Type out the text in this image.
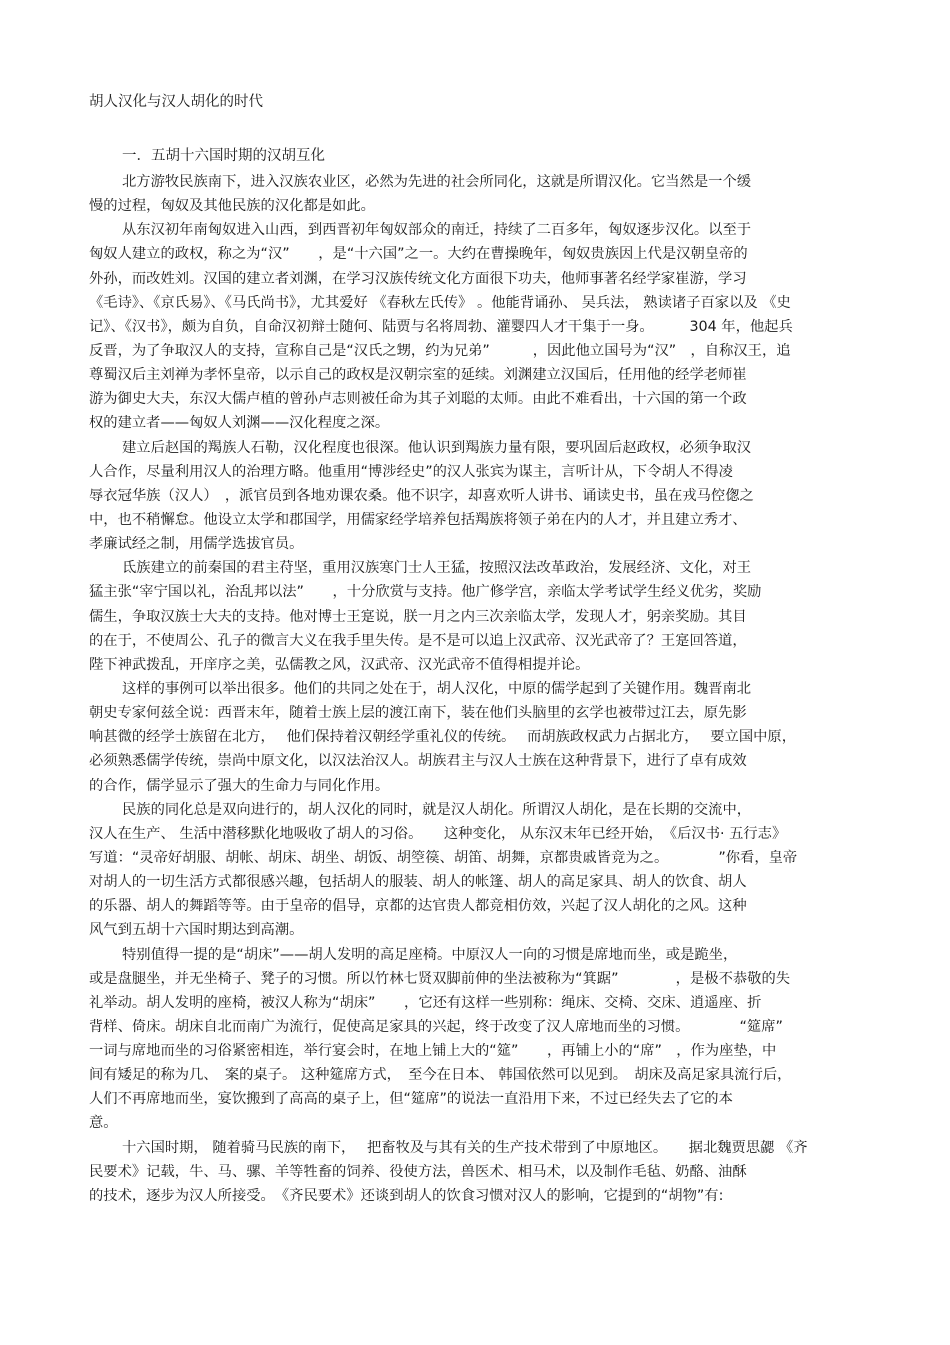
胡人汉化与汉人胡化的时代
一．五胡十六国时期的汉胡互化
北方游牧民族南下，进入汉族农业区，必然为先进的社会所同化，这就是所谓汉化。它当然是一个缓
慢的过程，匈奴及其他民族的汉化都是如此。
从东汉初年南匈奴进入山西，到西晋初年匈奴部众的南迁，持续了二百多年，匈奴逐步汉化。以至于
匈奴人建立的政权，称之为“汉”　　，是“十六国”之一。大约在曹操晚年，匈奴贵族因上代是汉朝皇帝的
外孙，而改姓刘。汉国的建立者刘渊，在学习汉族传统文化方面很下功夫，他师事著名经学家崔游，学习
《毛诗》、《京氏易》、《马氏尚书》，尤其爱好 《春秋左氏传》 。他能背诵孙、 吴兵法， 熟读诸子百家以及 《史
记》、《汉书》，颇为自负，自命汉初辩士随何、陆贾与名将周勃、灌婴四人才干集于一身。　　　304 年，他起兵
反晋，为了争取汉人的支持，宣称自己是“汉氏之甥，约为兄弟”　　　，因此他立国号为“汉”　，自称汉王，追
尊蜀汉后主刘禅为孝怀皇帝，以示自己的政权是汉朝宗室的延续。刘渊建立汉国后，任用他的经学老师崔
游为御史大夫，东汉大儒卢植的曾孙卢志则被任命为其子刘聪的太师。由此不难看出，十六国的第一个政
权的建立者——匈奴人刘渊——汉化程度之深。
建立后赵国的羯族人石勒，汉化程度也很深。他认识到羯族力量有限，要巩固后赵政权，必须争取汉
人合作，尽量利用汉人的治理方略。他重用“博涉经史”的汉人张宾为谋主，言听计从，下令胡人不得凌
辱衣冠华族（汉人）　，派官员到各地劝课农桑。他不识字，却喜欢听人讲书、诵读史书，虽在戎马倥偬之
中，也不稍懈怠。他设立太学和郡国学，用儒家经学培养包括羯族将领子弟在内的人才，并且建立秀才、
孝廉试经之制，用儒学选拔官员。
氐族建立的前秦国的君主苻坚，重用汉族寒门士人王猛，按照汉法改革政治，发展经济、文化，对王
猛主张“宰宁国以礼，治乱邦以法”　　，十分欣赏与支持。他广修学宫，亲临太学考试学生经义优劣，奖励
儒生，争取汉族士大夫的支持。他对博士王寔说，朕一月之内三次亲临太学，发现人才，躬亲奖励。其目
的在于，不使周公、孔子的微言大义在我手里失传。是不是可以追上汉武帝、汉光武帝了？王寔回答道，
陛下神武拨乱，开庠序之美，弘儒教之风，汉武帝、汉光武帝不值得相提并论。
这样的事例可以举出很多。他们的共同之处在于，胡人汉化，中原的儒学起到了关键作用。魏晋南北
朝史专家何兹全说：西晋末年，随着士族上层的渡江南下，装在他们头脑里的玄学也被带过江去，原先影
响甚微的经学士族留在北方，　 他们保持着汉朝经学重礼仪的传统。　 而胡族政权武力占据北方，　 要立国中原，
必须熟悉儒学传统，崇尚中原文化，以汉法治汉人。胡族君主与汉人士族在这种背景下，进行了卓有成效
的合作，儒学显示了强大的生命力与同化作用。
民族的同化总是双向进行的，胡人汉化的同时，就是汉人胡化。所谓汉人胡化，是在长期的交流中，
汉人在生产、 生活中潜移默化地吸收了胡人的习俗。　　这种变化， 从东汉末年已经开始，　《后汉书· 五行志》
写道：“灵帝好胡服、胡帐、胡床、胡坐、胡饭、胡箜篌、胡笛、胡舞，京都贵戚皆竞为之。　　　　”你看，皇帝
对胡人的一切生活方式都很感兴趣，包括胡人的服装、胡人的帐篷、胡人的高足家具、胡人的饮食、胡人
的乐器、胡人的舞蹈等等。由于皇帝的倡导，京都的达官贵人都竞相仿效，兴起了汉人胡化的之风。这种
风气到五胡十六国时期达到高潮。
特别值得一提的是“胡床”——胡人发明的高足座椅。中原汉人一向的习惯是席地而坐，或是跪坐，
或是盘腿坐，并无坐椅子、凳子的习惯。所以竹林七贤双脚前伸的坐法被称为“箕踞”　　　　，是极不恭敬的失
礼举动。胡人发明的座椅，被汉人称为“胡床”　　，它还有这样一些别称：绳床、交椅、交床、逍遥座、折
背样、倚床。胡床自北而南广为流行，促使高足家具的兴起，终于改变了汉人席地而坐的习惯。　　　　“筵席”
一词与席地而坐的习俗紧密相连，举行宴会时，在地上铺上大的“筵”　　，再铺上小的“席”　，作为座垫，中
间有矮足的称为几、　案的桌子。 这种筵席方式，　至今在日本、 韩国依然可以见到。　胡床及高足家具流行后，
人们不再席地而坐，宴饮搬到了高高的桌子上，但“筵席”的说法一直沿用下来，不过已经失去了它的本
意。
十六国时期， 随着骑马民族的南下，　 把畜牧及与其有关的生产技术带到了中原地区。　　据北魏贾思勰 《齐
民要术》记载，牛、马、骡、羊等牲畜的饲养、役使方法，兽医术、相马术，以及制作毛毡、奶酪、油酥
的技术，逐步为汉人所接受。　《齐民要术》还谈到胡人的饮食习惯对汉人的影响，它提到的“胡物”有:
